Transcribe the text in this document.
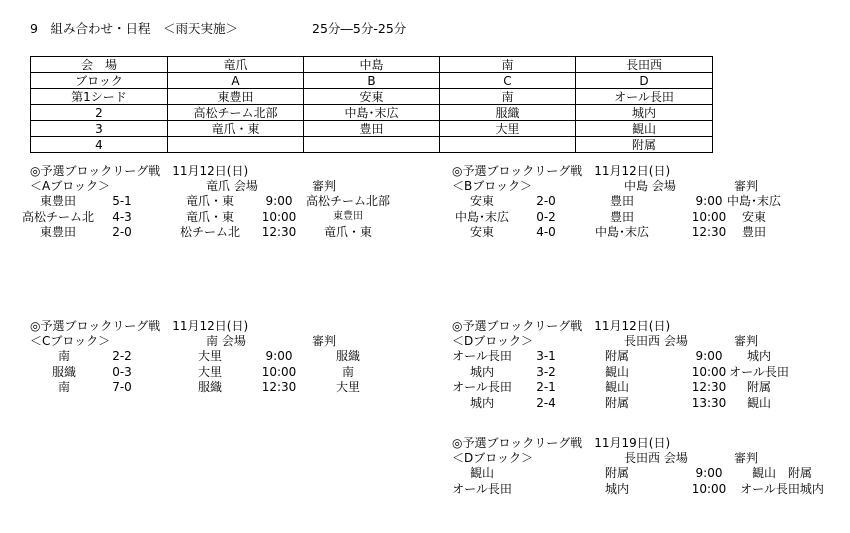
9　組み合わせ・日程　＜雨天実施＞	25分―5分‐25分
会　場	竜爪	中島	南	長田西
ブロック	A	B	C	D
第1シード	東豊田	安東	南	オール長田
2	高松チーム北部	中島･末広	服織	城内
3	竜爪・東	豊田	大里	観山
4				附属
◎予選ブロックリーグ戦　11月12日(日)
＜Aブロック＞	竜爪 会場	審判
東豊田	5-1	竜爪・東	9:00 高松チーム北部
高松チーム北 4-3	竜爪・東 10:00	東豊田
東豊田	2-0	松チーム北 12:30 竜爪・東
◎予選ブロックリーグ戦　11月12日(日)
＜Bブロック＞	中島 会場	審判
安東	2-0	豊田	9:00 中島･末広
中島･末広 0-2	豊田	10:00 安東
安東	4-0	中島･末広	12:30 豊田
◎予選ブロックリーグ戦　11月12日(日)
＜Cブロック＞	南 会場	審判
南	2-2	大里	9:00	服織
服織	0-3	大里	10:00	南
南	7-0	服織	12:30	大里
◎予選ブロックリーグ戦　11月12日(日)
＜Dブロック＞	長田西 会場	審判
オール長田 3-1	附属	9:00 城内
城内	3-2	観山	10:00 オール長田
オール長田 2-1	観山	12:30 附属
城内	2-4	附属	13:30 観山
◎予選ブロックリーグ戦　11月19日(日)
＜Dブロック＞	長田西 会場	審判
観山	附属	9:00 観山　附属
オール長田	城内	10:00 オール長田城内
